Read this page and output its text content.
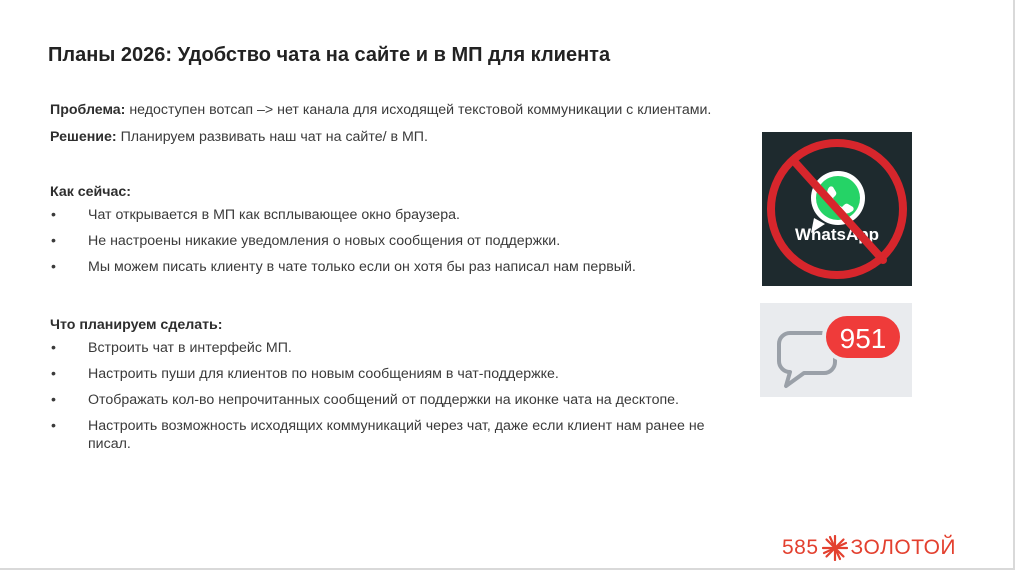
Планы 2026: Удобство чата на сайте и в МП для клиента

Проблема: недоступен вотсап –> нет канала для исходящей текстовой коммуникации с клиентами.

Решение: Планируем развивать наш чат на сайте/ в МП.

Как сейчас:
• Чат открывается в МП как всплывающее окно браузера.
• Не настроены никакие уведомления о новых сообщения от поддержки.
• Мы можем писать клиенту в чате только если он хотя бы раз написал нам первый.
Что планируем сделать:
• Встроить чат в интерфейс МП.
• Настроить пуши для клиентов по новым сообщениям в чат-поддержке.
• Отображать кол-во непрочитанных сообщений от поддержки на иконке чата на десктопе.
• Настроить возможность исходящих коммуникаций через чат, даже если клиент нам ранее не писал.
WhatsApp
951
585 ЗОЛОТОЙ
